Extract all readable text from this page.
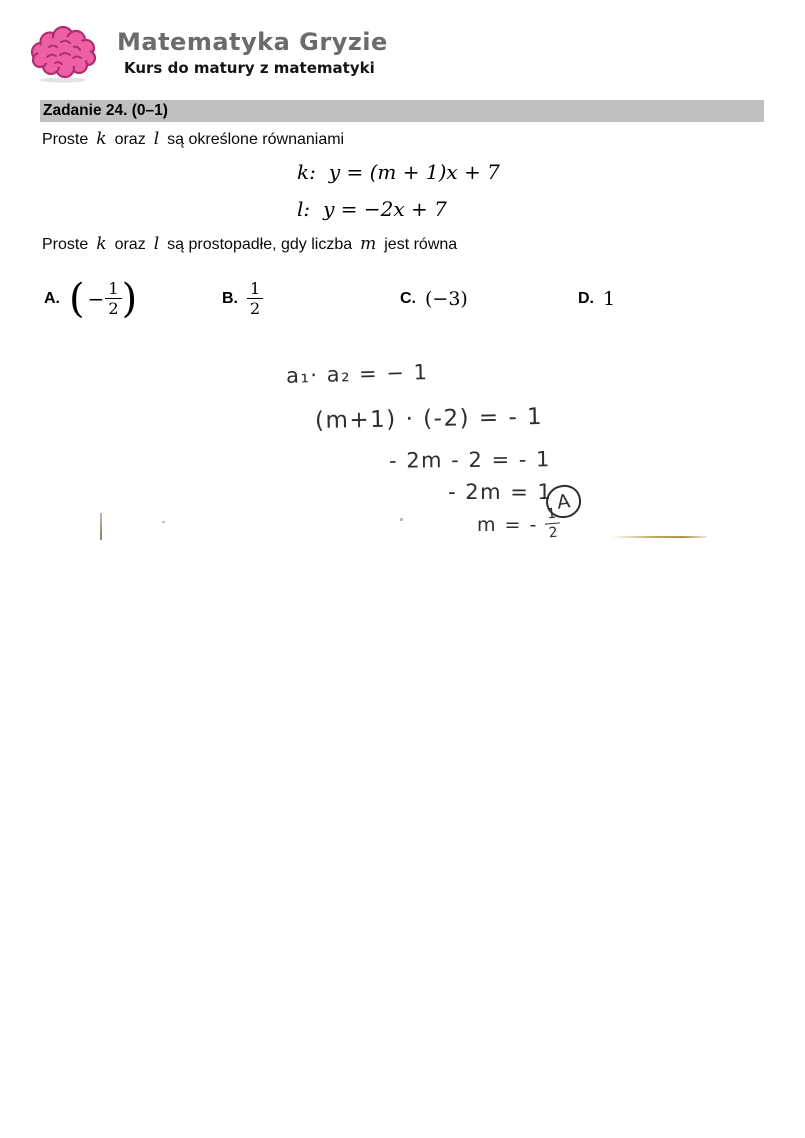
Matematyka Gryzie
Kurs do matury z matematyki
Zadanie 24. (0–1)

Proste k oraz l są określone równaniami

k: y = (m + 1)x + 7
l: y = −2x + 7

Proste k oraz l są prostopadłe, gdy liczba m jest równa

A. ( − $\frac{1}{2}$ )	B. $\frac{1}{2}$	C. (−3)	D. 1
a₁· a₂ = − 1
(m+1) · (-2) = - 1
- 2m - 2 = - 1
- 2m = 1
m = - $\frac{1}{2}$
A
